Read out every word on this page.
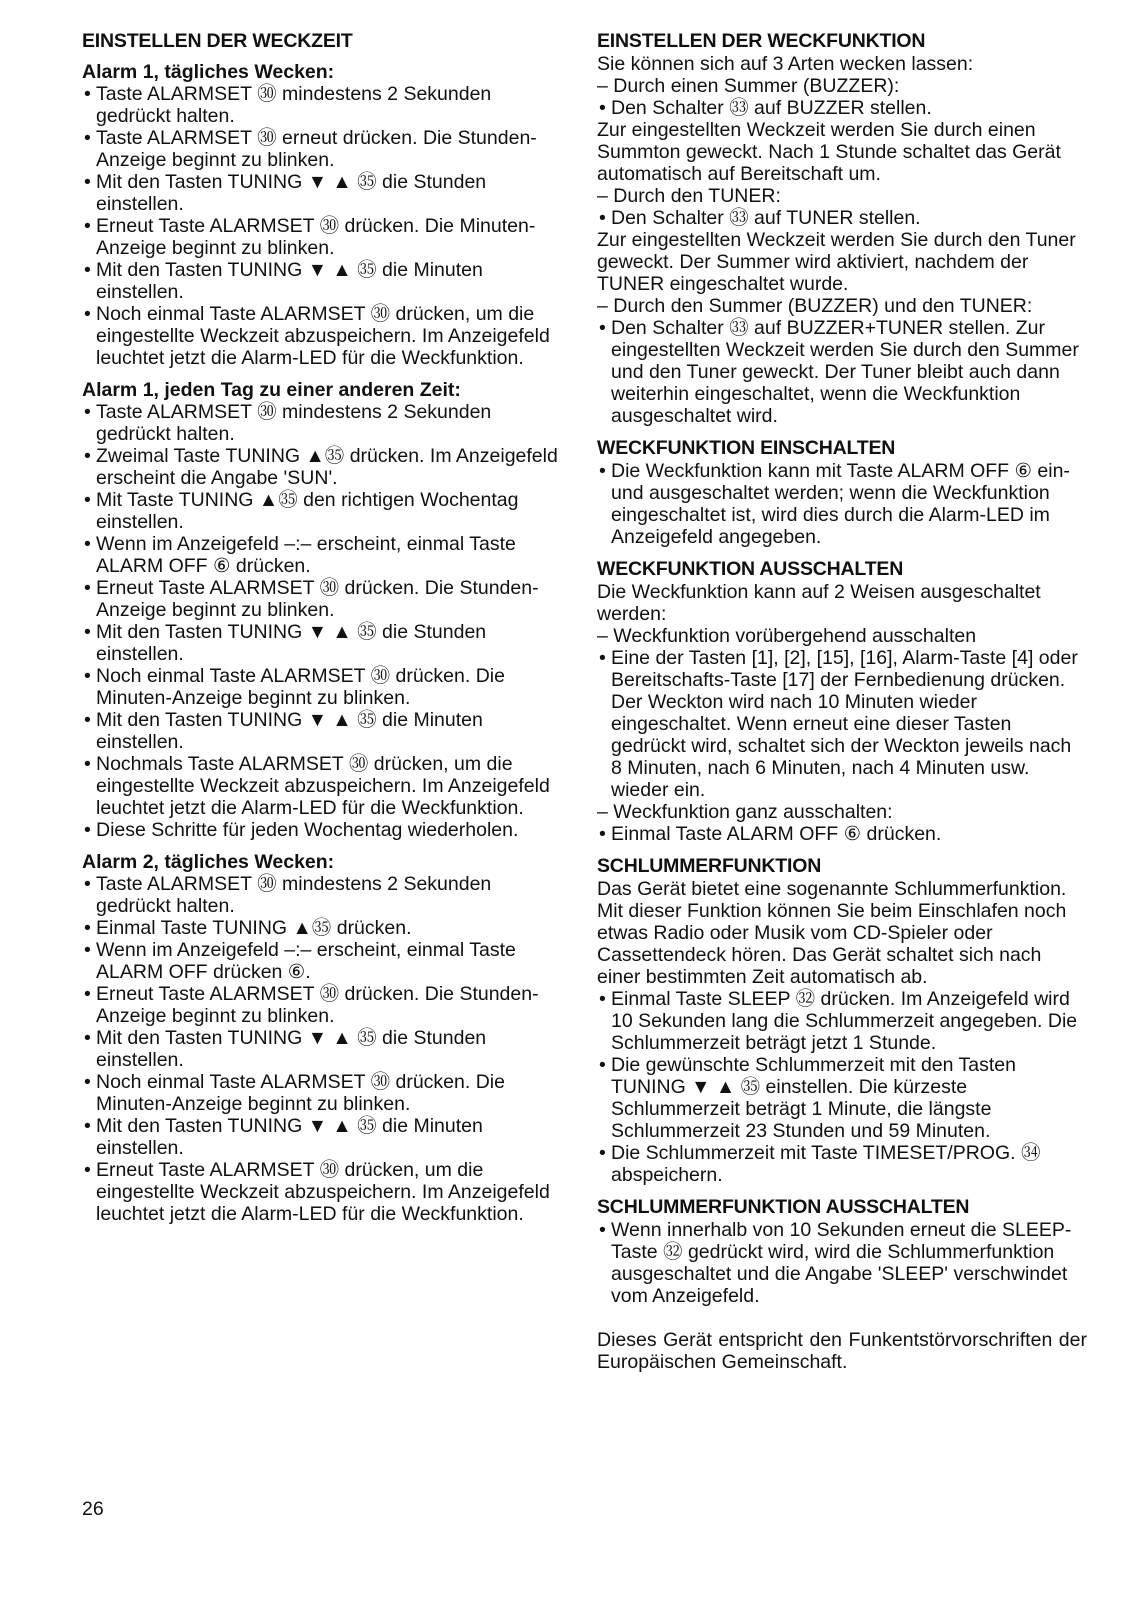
EINSTELLEN DER WECKZEIT
Alarm 1, tägliches Wecken:
• Taste ALARMSET ㉚ mindestens 2 Sekunden gedrückt halten.
• Taste ALARMSET ㉚ erneut drücken. Die Stunden-Anzeige beginnt zu blinken.
• Mit den Tasten TUNING ▼ ▲ ㉟ die Stunden einstellen.
• Erneut Taste ALARMSET ㉚ drücken. Die Minuten-Anzeige beginnt zu blinken.
• Mit den Tasten TUNING ▼ ▲ ㉟ die Minuten einstellen.
• Noch einmal Taste ALARMSET ㉚ drücken, um die eingestellte Weckzeit abzuspeichern. Im Anzeigefeld leuchtet jetzt die Alarm-LED für die Weckfunktion.
Alarm 1, jeden Tag zu einer anderen Zeit:
• Taste ALARMSET ㉚ mindestens 2 Sekunden gedrückt halten.
• Zweimal Taste TUNING ▲㉟ drücken. Im Anzeigefeld erscheint die Angabe 'SUN'.
• Mit Taste TUNING ▲㉟ den richtigen Wochentag einstellen.
• Wenn im Anzeigefeld –:– erscheint, einmal Taste ALARM OFF ⑥ drücken.
• Erneut Taste ALARMSET ㉚ drücken. Die Stunden-Anzeige beginnt zu blinken.
• Mit den Tasten TUNING ▼ ▲ ㉟ die Stunden einstellen.
• Noch einmal Taste ALARMSET ㉚ drücken. Die Minuten-Anzeige beginnt zu blinken.
• Mit den Tasten TUNING ▼ ▲ ㉟ die Minuten einstellen.
• Nochmals Taste ALARMSET ㉚ drücken, um die eingestellte Weckzeit abzuspeichern. Im Anzeigefeld leuchtet jetzt die Alarm-LED für die Weckfunktion.
• Diese Schritte für jeden Wochentag wiederholen.
Alarm 2, tägliches Wecken:
• Taste ALARMSET ㉚ mindestens 2 Sekunden gedrückt halten.
• Einmal Taste TUNING ▲㉟ drücken.
• Wenn im Anzeigefeld –:– erscheint, einmal Taste ALARM OFF drücken ⑥.
• Erneut Taste ALARMSET ㉚ drücken. Die Stunden-Anzeige beginnt zu blinken.
• Mit den Tasten TUNING ▼ ▲ ㉟ die Stunden einstellen.
• Noch einmal Taste ALARMSET ㉚ drücken. Die Minuten-Anzeige beginnt zu blinken.
• Mit den Tasten TUNING ▼ ▲ ㉟ die Minuten einstellen.
• Erneut Taste ALARMSET ㉚ drücken, um die eingestellte Weckzeit abzuspeichern. Im Anzeigefeld leuchtet jetzt die Alarm-LED für die Weckfunktion.
EINSTELLEN DER WECKFUNKTION

Sie können sich auf 3 Arten wecken lassen:

– Durch einen Summer (BUZZER):
• Den Schalter ㉝ auf BUZZER stellen.

Zur eingestellten Weckzeit werden Sie durch einen Summton geweckt. Nach 1 Stunde schaltet das Gerät automatisch auf Bereitschaft um.

– Durch den TUNER:
• Den Schalter ㉝ auf TUNER stellen.

Zur eingestellten Weckzeit werden Sie durch den Tuner geweckt. Der Summer wird aktiviert, nachdem der TUNER eingeschaltet wurde.

– Durch den Summer (BUZZER) und den TUNER:
• Den Schalter ㉝ auf BUZZER+TUNER stellen. Zur eingestellten Weckzeit werden Sie durch den Summer und den Tuner geweckt. Der Tuner bleibt auch dann weiterhin eingeschaltet, wenn die Weckfunktion ausgeschaltet wird.
WECKFUNKTION EINSCHALTEN
• Die Weckfunktion kann mit Taste ALARM OFF ⑥ ein- und ausgeschaltet werden; wenn die Weckfunktion eingeschaltet ist, wird dies durch die Alarm-LED im Anzeigefeld angegeben.
WECKFUNKTION AUSSCHALTEN

Die Weckfunktion kann auf 2 Weisen ausgeschaltet werden:

– Weckfunktion vorübergehend ausschalten
• Eine der Tasten [1], [2], [15], [16], Alarm-Taste [4] oder Bereitschafts-Taste [17] der Fernbedienung drücken. Der Weckton wird nach 10 Minuten wieder eingeschaltet. Wenn erneut eine dieser Tasten gedrückt wird, schaltet sich der Weckton jeweils nach 8 Minuten, nach 6 Minuten, nach 4 Minuten usw. wieder ein.
– Weckfunktion ganz ausschalten:
• Einmal Taste ALARM OFF ⑥ drücken.
SCHLUMMERFUNKTION

Das Gerät bietet eine sogenannte Schlummerfunktion. Mit dieser Funktion können Sie beim Einschlafen noch etwas Radio oder Musik vom CD-Spieler oder Cassettendeck hören. Das Gerät schaltet sich nach einer bestimmten Zeit automatisch ab.

• Einmal Taste SLEEP ㉜ drücken. Im Anzeigefeld wird 10 Sekunden lang die Schlummerzeit angegeben. Die Schlummerzeit beträgt jetzt 1 Stunde.
• Die gewünschte Schlummerzeit mit den Tasten TUNING ▼ ▲ ㉟ einstellen. Die kürzeste Schlummerzeit beträgt 1 Minute, die längste Schlummerzeit 23 Stunden und 59 Minuten.
• Die Schlummerzeit mit Taste TIMESET/PROG. ㉞ abspeichern.
SCHLUMMERFUNKTION AUSSCHALTEN
• Wenn innerhalb von 10 Sekunden erneut die SLEEP-Taste ㉜ gedrückt wird, wird die Schlummerfunktion ausgeschaltet und die Angabe 'SLEEP' verschwindet vom Anzeigefeld.

Dieses Gerät entspricht den Funkentstörvorschriften der Europäischen Gemeinschaft.

26
